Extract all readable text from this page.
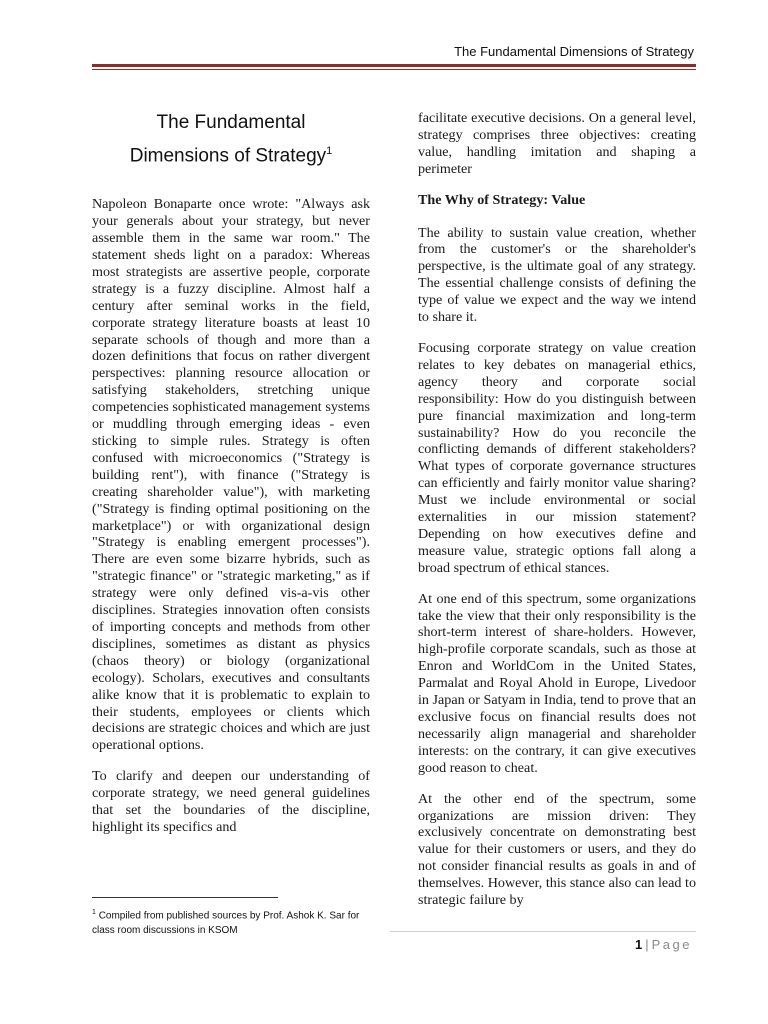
The Fundamental Dimensions of Strategy
The Fundamental
Dimensions of Strategy$^1$

Napoleon Bonaparte once wrote: "Always ask your generals about your strategy, but never assemble them in the same war room." The statement sheds light on a paradox: Whereas most strategists are assertive people, corporate strategy is a fuzzy discipline. Almost half a century after seminal works in the field, corporate strategy literature boasts at least 10 separate schools of though and more than a dozen definitions that focus on rather divergent perspectives: planning resource allocation or satisfying stakeholders, stretching unique competencies sophisticated management systems or muddling through emerging ideas - even sticking to simple rules. Strategy is often confused with microeconomics ("Strategy is building rent"), with finance ("Strategy is creating shareholder value"), with marketing ("Strategy is finding optimal positioning on the marketplace") or with organizational design "Strategy is enabling emergent processes"). There are even some bizarre hybrids, such as "strategic finance" or "strategic marketing," as if strategy were only defined vis-a-vis other disciplines. Strategies innovation often consists of importing concepts and methods from other disciplines, sometimes as distant as physics (chaos theory) or biology (organizational ecology). Scholars, executives and consultants alike know that it is problematic to explain to their students, employees or clients which decisions are strategic choices and which are just operational options.

To clarify and deepen our understanding of corporate strategy, we need general guidelines that set the boundaries of the discipline, highlight its specifics and

facilitate executive decisions. On a general level, strategy comprises three objectives: creating value, handling imitation and shaping a perimeter

The Why of Strategy: Value

The ability to sustain value creation, whether from the customer's or the shareholder's perspective, is the ultimate goal of any strategy. The essential challenge consists of defining the type of value we expect and the way we intend to share it.

Focusing corporate strategy on value creation relates to key debates on managerial ethics, agency theory and corporate social responsibility: How do you distinguish between pure financial maximization and long-term sustainability? How do you reconcile the conflicting demands of different stakeholders? What types of corporate governance structures can efficiently and fairly monitor value sharing? Must we include environmental or social externalities in our mission statement? Depending on how executives define and measure value, strategic options fall along a broad spectrum of ethical stances.

At one end of this spectrum, some organizations take the view that their only responsibility is the short-term interest of share-holders. However, high-profile corporate scandals, such as those at Enron and WorldCom in the United States, Parmalat and Royal Ahold in Europe, Livedoor in Japan or Satyam in India, tend to prove that an exclusive focus on financial results does not necessarily align managerial and shareholder interests: on the contrary, it can give executives good reason to cheat.

At the other end of the spectrum, some organizations are mission driven: They exclusively concentrate on demonstrating best value for their customers or users, and they do not consider financial results as goals in and of themselves. However, this stance also can lead to strategic failure by

$^1$ Compiled from published sources by Prof. Ashok K. Sar for class room discussions in KSOM
1 | Page
